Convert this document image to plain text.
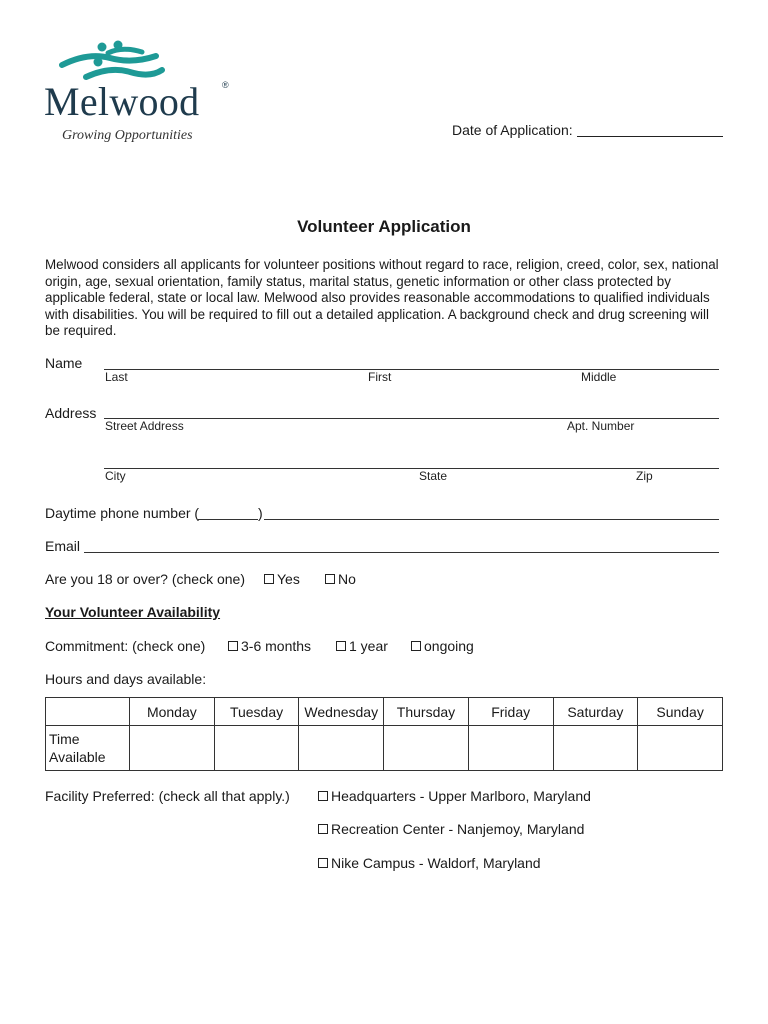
Melwood	®
Growing Opportunities	Date of Application:
Volunteer Application

Melwood considers all applicants for volunteer positions without regard to race, religion, creed, color, sex, national origin, age, sexual orientation, family status, marital status, genetic information or other class protected by applicable federal, state or local law. Melwood also provides reasonable accommodations to qualified individuals with disabilities. You will be required to fill out a detailed application. A background check and drug screening will be required.

Name
Last	First	Middle
Address
Street Address	Apt. Number
City	State	Zip
Daytime phone number (	)
Email
Are you 18 or over? (check one)	Yes	No
Your Volunteer Availability
Commitment: (check one)	3-6 months	1 year	ongoing
Hours and days available:
	Monday	Tuesday	Wednesday	Thursday	Friday	Saturday	Sunday
Time
Available							
Facility Preferred: (check all that apply.)	Headquarters - Upper Marlboro, Maryland
Recreation Center - Nanjemoy, Maryland
Nike Campus - Waldorf, Maryland
